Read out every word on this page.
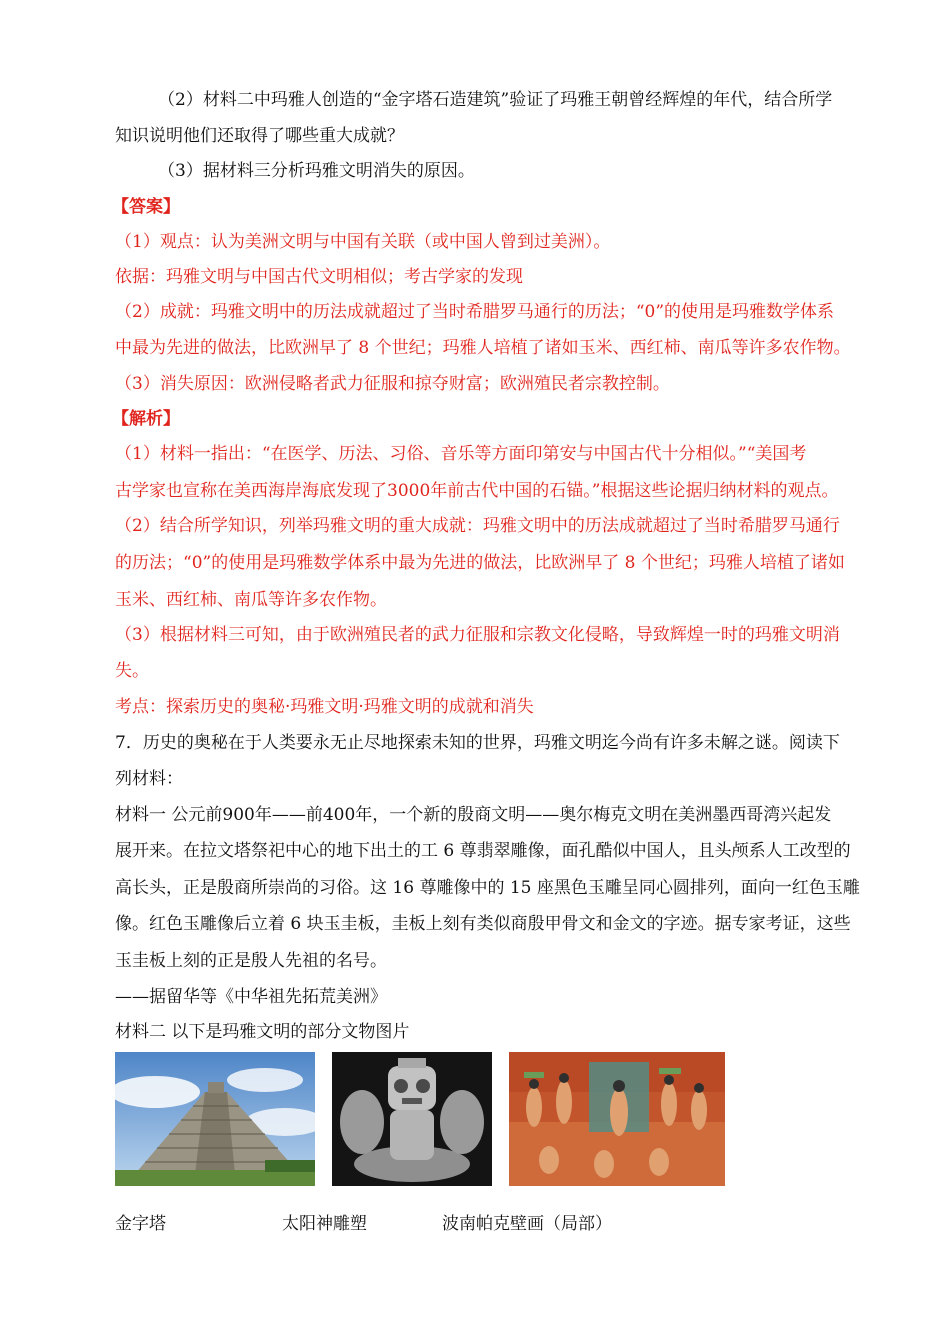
（2）材料二中玛雅人创造的“金字塔石造建筑”验证了玛雅王朝曾经辉煌的年代，结合所学
知识说明他们还取得了哪些重大成就？
（3）据材料三分析玛雅文明消失的原因。
【答案】
（1）观点：认为美洲文明与中国有关联（或中国人曾到过美洲）。
依据：玛雅文明与中国古代文明相似；考古学家的发现
（2）成就：玛雅文明中的历法成就超过了当时希腊罗马通行的历法；“0”的使用是玛雅数学体系
中最为先进的做法，比欧洲早了 8 个世纪；玛雅人培植了诸如玉米、西红柿、南瓜等许多农作物。
（3）消失原因：欧洲侵略者武力征服和掠夺财富；欧洲殖民者宗教控制。
【解析】
（1）材料一指出：“在医学、历法、习俗、音乐等方面印第安与中国古代十分相似。”“美国考
古学家也宣称在美西海岸海底发现了3000年前古代中国的石锚。”根据这些论据归纳材料的观点。
（2）结合所学知识，列举玛雅文明的重大成就：玛雅文明中的历法成就超过了当时希腊罗马通行
的历法；“0”的使用是玛雅数学体系中最为先进的做法，比欧洲早了 8 个世纪；玛雅人培植了诸如
玉米、西红柿、南瓜等许多农作物。
（3）根据材料三可知，由于欧洲殖民者的武力征服和宗教文化侵略，导致辉煌一时的玛雅文明消
失。
考点：探索历史的奥秘·玛雅文明·玛雅文明的成就和消失
7．历史的奥秘在于人类要永无止尽地探索未知的世界，玛雅文明迄今尚有许多未解之谜。阅读下
列材料：
材料一 公元前900年——前400年，一个新的殷商文明——奥尔梅克文明在美洲墨西哥湾兴起发
展开来。在拉文塔祭祀中心的地下出土的工 6 尊翡翠雕像，面孔酷似中国人，且头颅系人工改型的
高长头，正是殷商所崇尚的习俗。这 16 尊雕像中的 15 座黑色玉雕呈同心圆排列，面向一红色玉雕
像。红色玉雕像后立着 6 块玉圭板，圭板上刻有类似商殷甲骨文和金文的字迹。据专家考证，这些
玉圭板上刻的正是殷人先祖的名号。
——据留华等《中华祖先拓荒美洲》
材料二 以下是玛雅文明的部分文物图片
金字塔	太阳神雕塑	波南帕克壁画（局部）
